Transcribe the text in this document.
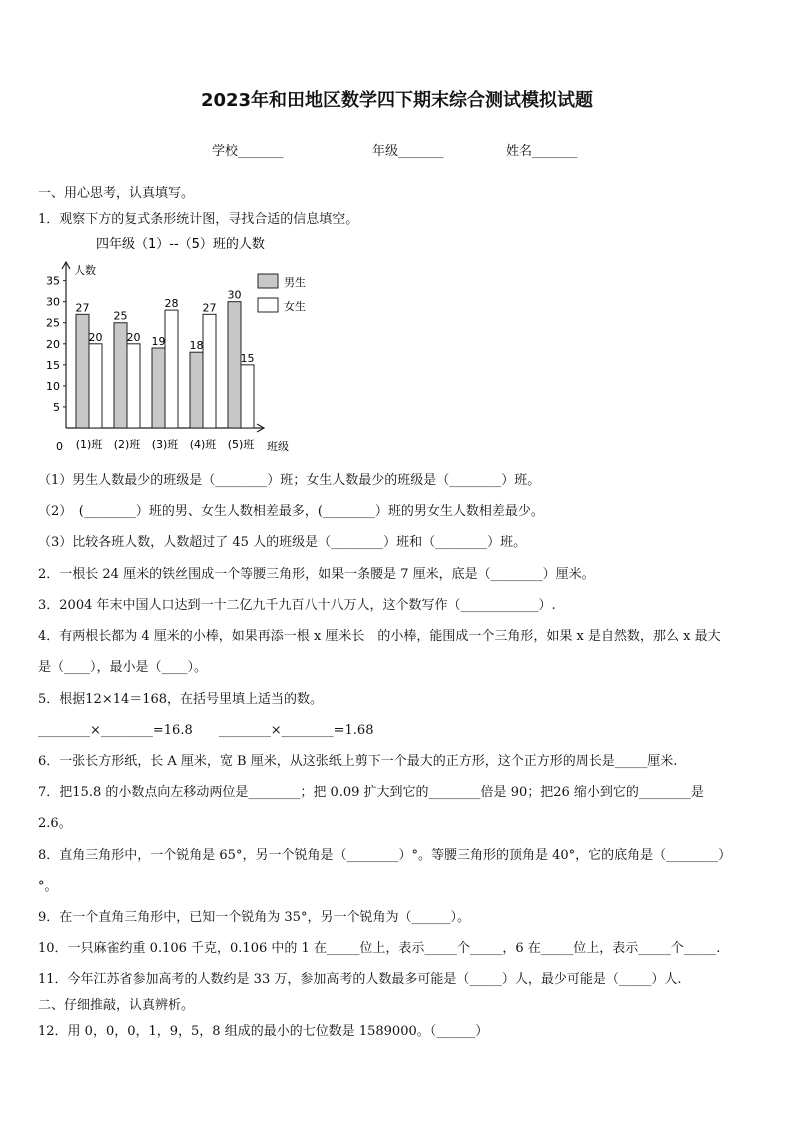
2023年和田地区数学四下期末综合测试模拟试题
学校_______	年级_______	姓名_______
一、用心思考，认真填写。
1．观察下方的复式条形统计图，寻找合适的信息填空。
四年级（1）--（5）班的人数
人数
班级
0
5
10
15
20
25
30
35
27
20
(1)班
25
20
(2)班
19
28
(3)班
18
27
(4)班
30
15
(5)班
男生
女生
（1）男生人数最少的班级是（________）班；女生人数最少的班级是（________）班。
（2）　(________）班的男、女生人数相差最多，(________）班的男女生人数相差最少。
（3）比较各班人数，人数超过了 45 人的班级是（________）班和（________）班。
2．一根长 24 厘米的铁丝围成一个等腰三角形，如果一条腰是 7 厘米，底是（________）厘米。
3．2004 年末中国人口达到一十二亿九千九百八十八万人，这个数写作（____________）.
4．有两根长都为 4 厘米的小棒，如果再添一根 x 厘米长　的小棒，能围成一个三角形，如果 x 是自然数，那么 x 最大
是（____），最小是（____）。
5．根据12×14＝168，在括号里填上适当的数。
________×________=16.8　　________×________=1.68
6．一张长方形纸，长 A 厘米，宽 B 厘米，从这张纸上剪下一个最大的正方形，这个正方形的周长是_____厘米.
7．把15.8 的小数点向左移动两位是________；把 0.09 扩大到它的________倍是 90；把26 缩小到它的________是
2.6。
8．直角三角形中，一个锐角是 65°，另一个锐角是（________）°。等腰三角形的顶角是 40°，它的底角是（________）
°。
9．在一个直角三角形中，已知一个锐角为 35°，另一个锐角为（______）。
10．一只麻雀约重 0.106 千克，0.106 中的 1 在_____位上，表示_____个_____，6 在_____位上，表示_____个_____.
11．今年江苏省参加高考的人数约是 33 万，参加高考的人数最多可能是（_____）人，最少可能是（_____）人.
二、仔细推敲，认真辨析。
12．用 0，0，0，1，9，5，8 组成的最小的七位数是 1589000。（______）
